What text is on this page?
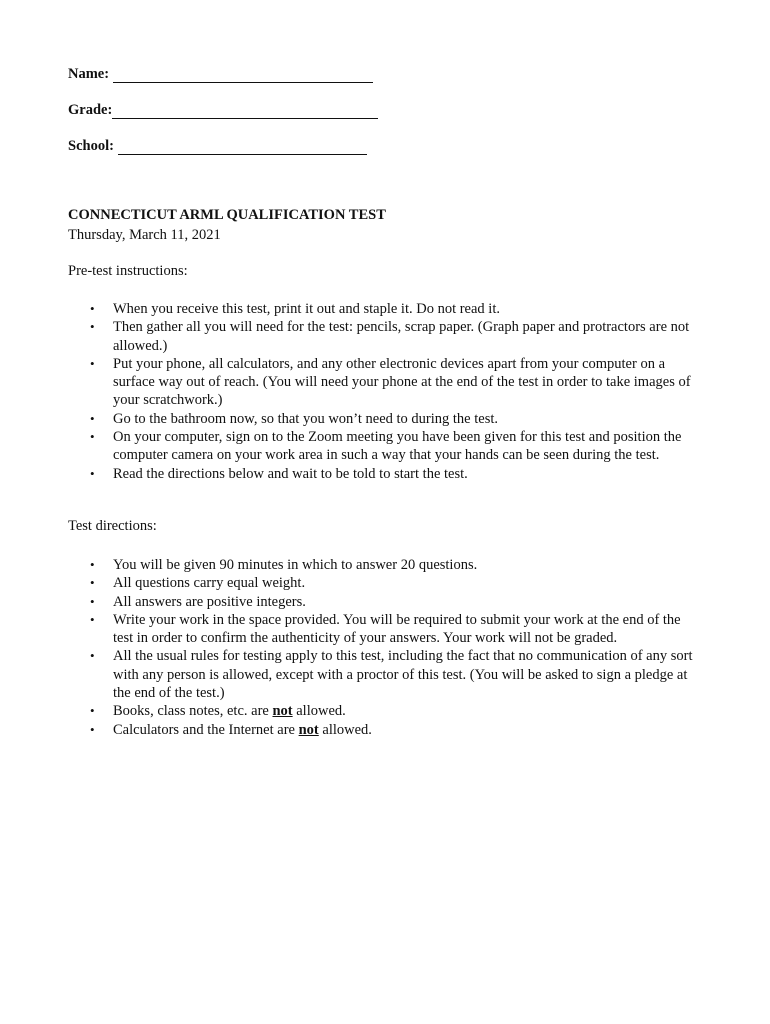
Name:
Grade:
School:
CONNECTICUT ARML QUALIFICATION TEST
Thursday, March 11, 2021
Pre-test instructions:
• When you receive this test, print it out and staple it. Do not read it.
• Then gather all you will need for the test: pencils, scrap paper. (Graph paper and protractors are not allowed.)
• Put your phone, all calculators, and any other electronic devices apart from your computer on a surface way out of reach. (You will need your phone at the end of the test in order to take images of your scratchwork.)
• Go to the bathroom now, so that you won’t need to during the test.
• On your computer, sign on to the Zoom meeting you have been given for this test and position the computer camera on your work area in such a way that your hands can be seen during the test.
• Read the directions below and wait to be told to start the test.
Test directions:
• You will be given 90 minutes in which to answer 20 questions.
• All questions carry equal weight.
• All answers are positive integers.
• Write your work in the space provided. You will be required to submit your work at the end of the test in order to confirm the authenticity of your answers. Your work will not be graded.
• All the usual rules for testing apply to this test, including the fact that no communication of any sort with any person is allowed, except with a proctor of this test. (You will be asked to sign a pledge at the end of the test.)
• Books, class notes, etc. are not allowed.
• Calculators and the Internet are not allowed.
